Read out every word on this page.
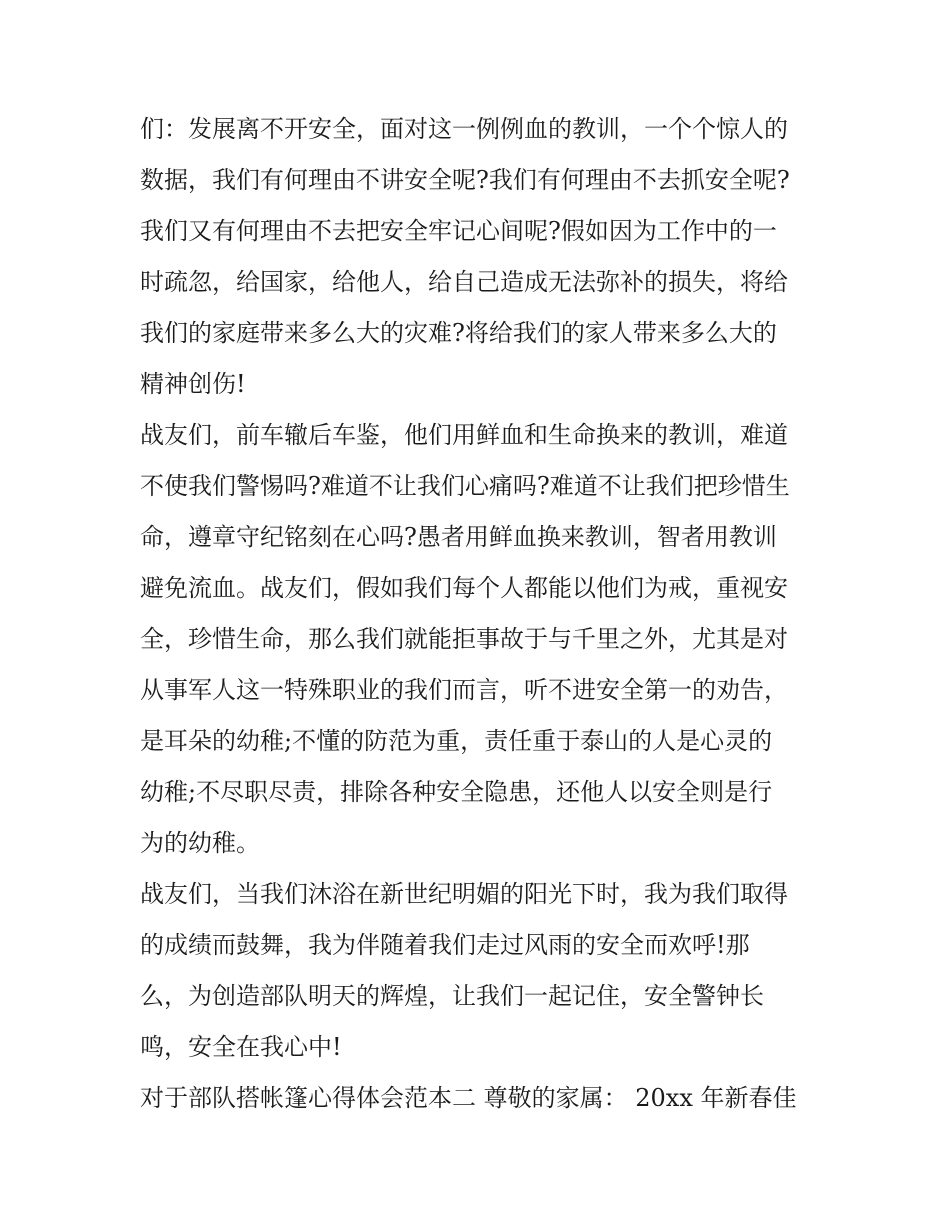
们：发展离不开安全，面对这一例例血的教训，一个个惊人的
数据，我们有何理由不讲安全呢?我们有何理由不去抓安全呢?
我们又有何理由不去把安全牢记心间呢?假如因为工作中的一
时疏忽，给国家，给他人，给自己造成无法弥补的损失，将给
我们的家庭带来多么大的灾难?将给我们的家人带来多么大的
精神创伤!
战友们，前车辙后车鉴，他们用鲜血和生命换来的教训，难道
不使我们警惕吗?难道不让我们心痛吗?难道不让我们把珍惜生
命，遵章守纪铭刻在心吗?愚者用鲜血换来教训，智者用教训
避免流血。战友们，假如我们每个人都能以他们为戒，重视安
全，珍惜生命，那么我们就能拒事故于与千里之外，尤其是对
从事军人这一特殊职业的我们而言，听不进安全第一的劝告，
是耳朵的幼稚;不懂的防范为重，责任重于泰山的人是心灵的
幼稚;不尽职尽责，排除各种安全隐患，还他人以安全则是行
为的幼稚。
战友们，当我们沐浴在新世纪明媚的阳光下时，我为我们取得
的成绩而鼓舞，我为伴随着我们走过风雨的安全而欢呼!那
么，为创造部队明天的辉煌，让我们一起记住，安全警钟长
鸣，安全在我心中!
对于部队搭帐篷心得体会范本二 尊敬的家属： 20xx 年新春佳
